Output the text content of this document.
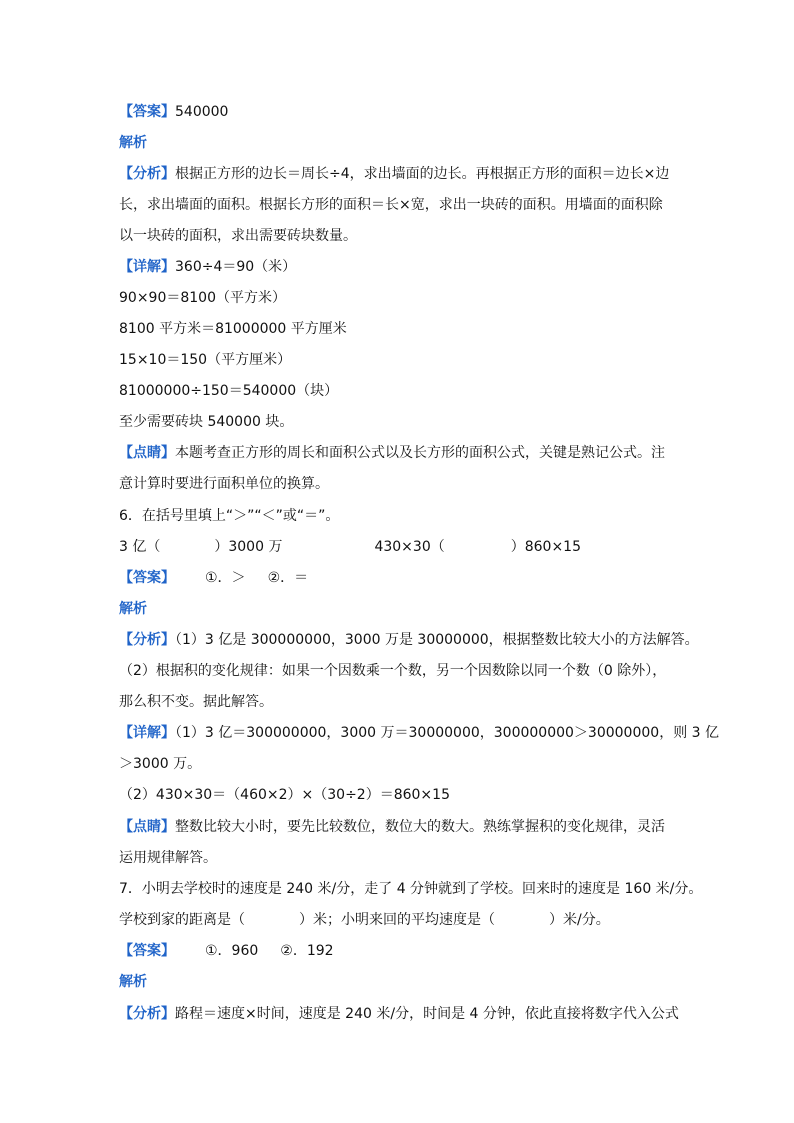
【答案】540000
解析
【分析】根据正方形的边长＝周长÷4，求出墙面的边长。再根据正方形的面积＝边长×边
长，求出墙面的面积。根据长方形的面积＝长×宽，求出一块砖的面积。用墙面的面积除
以一块砖的面积，求出需要砖块数量。
【详解】360÷4＝90（米）
90×90＝8100（平方米）
8100 平方米＝81000000 平方厘米
15×10＝150（平方厘米）
81000000÷150＝540000（块）
至少需要砖块 540000 块。
【点睛】本题考查正方形的周长和面积公式以及长方形的面积公式，关键是熟记公式。注
意计算时要进行面积单位的换算。
6．在括号里填上“＞”“＜”或“＝”。
3 亿（	）3000 万	430×30（	）860×15
【答案】 ①．＞ ②．＝
解析
【分析】（1）3 亿是 300000000，3000 万是 30000000，根据整数比较大小的方法解答。
（2）根据积的变化规律：如果一个因数乘一个数，另一个因数除以同一个数（0 除外），
那么积不变。据此解答。
【详解】（1）3 亿＝300000000，3000 万＝30000000，300000000＞30000000，则 3 亿
＞3000 万。
（2）430×30＝（460×2）×（30÷2）＝860×15
【点睛】整数比较大小时，要先比较数位，数位大的数大。熟练掌握积的变化规律，灵活
运用规律解答。
7．小明去学校时的速度是 240 米/分，走了 4 分钟就到了学校。回来时的速度是 160 米/分。
学校到家的距离是（	）米；小明来回的平均速度是（	）米/分。
【答案】 ①．960 ②．192
解析
【分析】路程＝速度×时间，速度是 240 米/分，时间是 4 分钟，依此直接将数字代入公式
